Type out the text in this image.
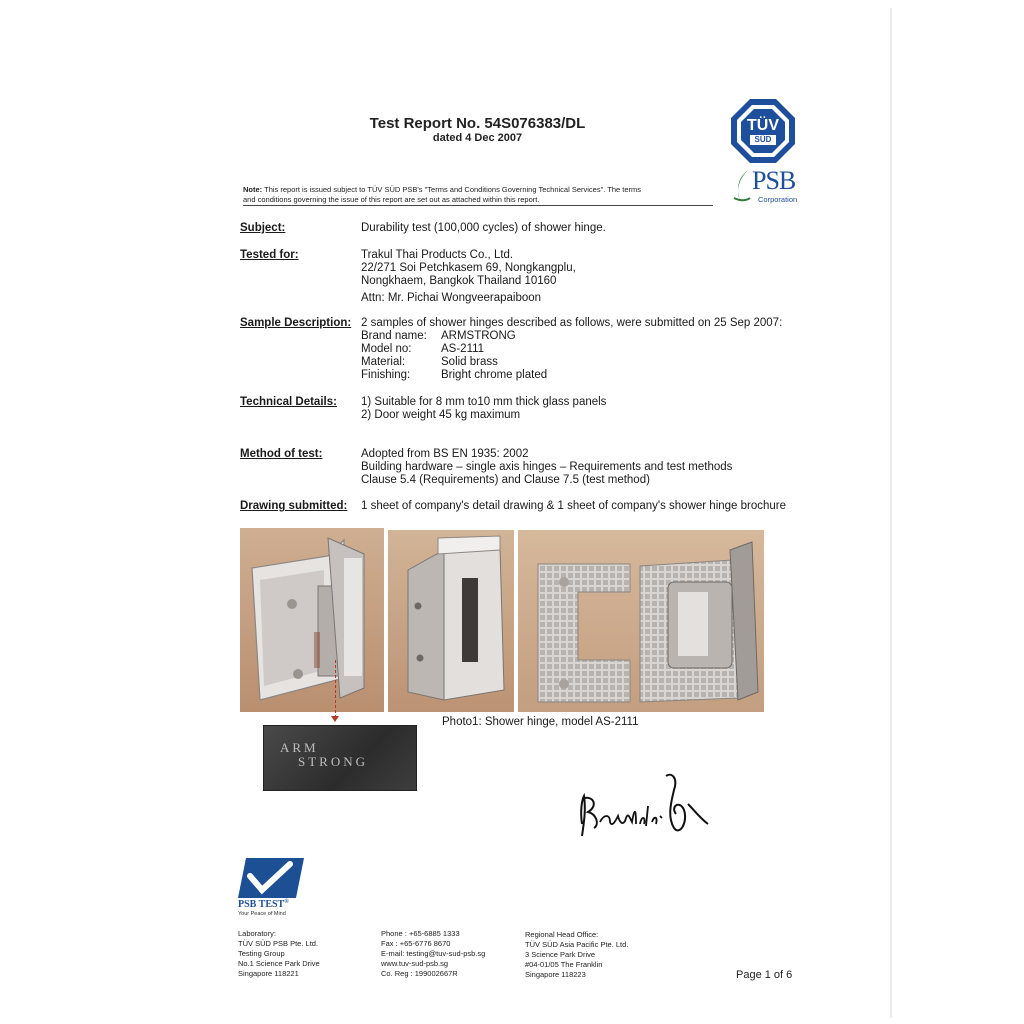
Test Report No. 54S076383/DL
dated 4 Dec 2007
TÜV
SÜD
PSB
Corporation
Note: This report is issued subject to TÜV SÜD PSB's "Terms and Conditions Governing Technical Services". The terms
and conditions governing the issue of this report are set out as attached within this report.
Subject:	Durability test (100,000 cycles) of shower hinge.
Tested for:	Trakul Thai Products Co., Ltd.
22/271 Soi Petchkasem 69, Nongkangplu,
Nongkhaem, Bangkok Thailand 10160
Attn: Mr. Pichai Wongveerapaiboon
Sample Description: 2 samples of shower hinges described as follows, were submitted on 25 Sep 2007:
Brand name: ARMSTRONG
Model no:	AS-2111
Material:	Solid brass
Finishing:	Bright chrome plated
Technical Details: 1) Suitable for 8 mm to10 mm thick glass panels
2) Door weight 45 kg maximum
Method of test:	Adopted from BS EN 1935: 2002
Building hardware – single axis hinges – Requirements and test methods
Clause 5.4 (Requirements) and Clause 7.5 (test method)
Drawing submitted: 1 sheet of company's detail drawing & 1 sheet of company's shower hinge brochure
Photo1: Shower hinge, model AS-2111
ARM
STRONG
PSB TEST®
Your Peace of Mind
Laboratory:
TÜV SÜD PSB Pte. Ltd.
Testing Group
No.1 Science Park Drive
Singapore 118221
Phone : +65-6885 1333
Fax : +65-6776 8670
E-mail: testing@tuv-sud-psb.sg
www.tuv-sud-psb.sg
Co. Reg : 199002667R
Regional Head Office:
TÜV SÜD Asia Pacific Pte. Ltd.
3 Science Park Drive
#04-01/05 The Franklin
Singapore 118223	Page 1 of 6
